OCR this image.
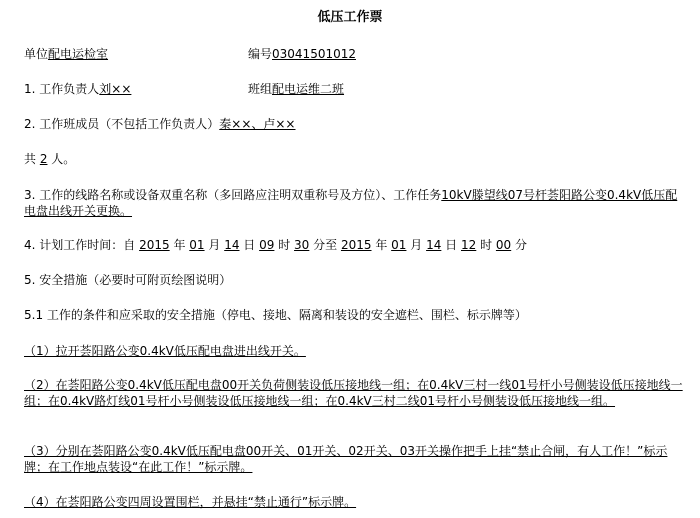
低压工作票
单位配电运检室	编号03041501012
1. 工作负责人刘××	班组配电运维二班
2. 工作班成员（不包括工作负责人）秦××、卢××
共 2 人。
3. 工作的线路名称或设备双重名称（多回路应注明双重称号及方位）、工作任务10kV滕望线07号杆荟阳路公变0.4kV低压配电盘出线开关更换。
4. 计划工作时间：自 2015 年 01 月 14 日 09 时 30 分至 2015 年 01 月 14 日 12 时 00 分
5. 安全措施（必要时可附页绘图说明）
5.1 工作的条件和应采取的安全措施（停电、接地、隔离和装设的安全遮栏、围栏、标示牌等）
（1）拉开荟阳路公变0.4kV低压配电盘进出线开关。
（2）在荟阳路公变0.4kV低压配电盘00开关负荷侧装设低压接地线一组；在0.4kV三村一线01号杆小号侧装设低压接地线一组；在0.4kV路灯线01号杆小号侧装设低压接地线一组；在0.4kV三村二线01号杆小号侧装设低压接地线一组。
（3）分别在荟阳路公变0.4kV低压配电盘00开关、01开关、02开关、03开关操作把手上挂“禁止合闸，有人工作！”标示牌；在工作地点装设“在此工作！”标示牌。
（4）在荟阳路公变四周设置围栏，并悬挂“禁止通行”标示牌。
